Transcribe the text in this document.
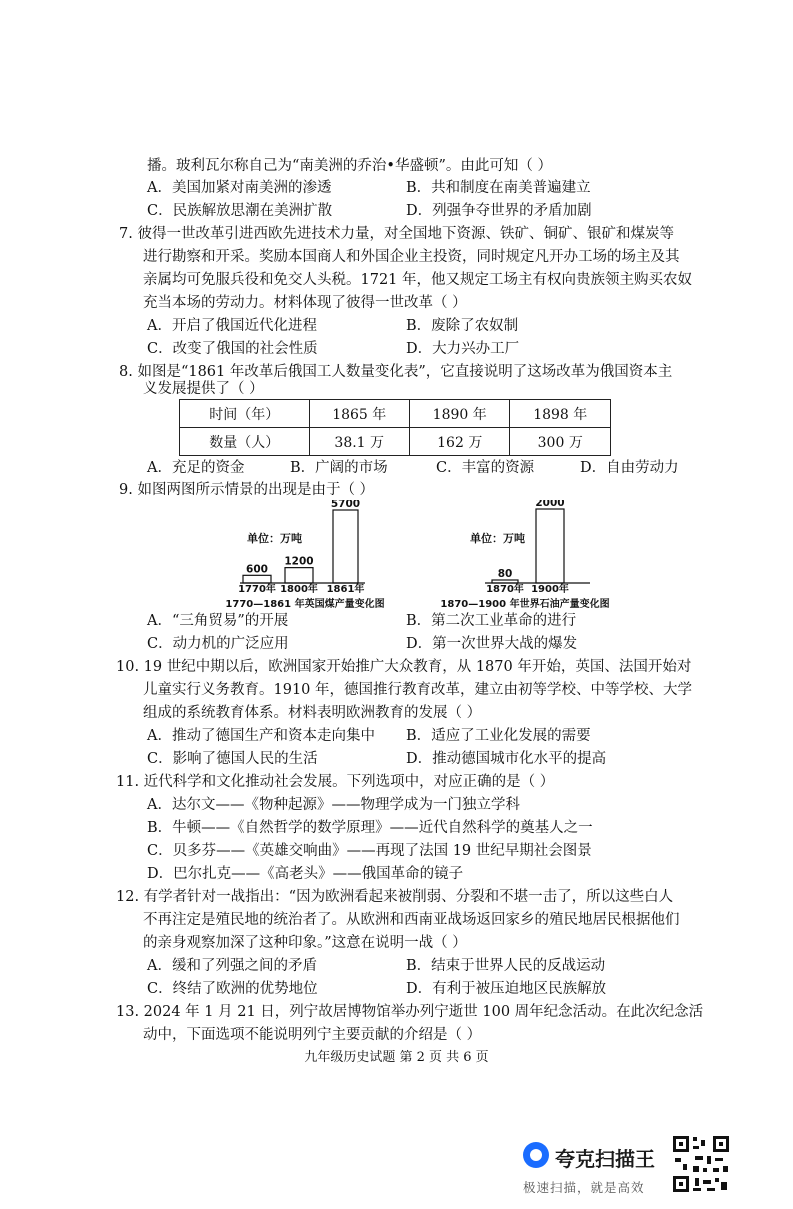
播。玻利瓦尔称自己为“南美洲的乔治•华盛顿”。由此可知（ ）
A．美国加紧对南美洲的渗透	B．共和制度在南美普遍建立
C．民族解放思潮在美洲扩散	D．列强争夺世界的矛盾加剧
7. 彼得一世改革引进西欧先进技术力量，对全国地下资源、铁矿、铜矿、银矿和煤炭等
进行勘察和开采。奖励本国商人和外国企业主投资，同时规定凡开办工场的场主及其
亲属均可免服兵役和免交人头税。1721 年，他又规定工场主有权向贵族领主购买农奴
充当本场的劳动力。材料体现了彼得一世改革（ ）
A．开启了俄国近代化进程	B．废除了农奴制
C．改变了俄国的社会性质	D．大力兴办工厂
8. 如图是“1861 年改革后俄国工人数量变化表”，它直接说明了这场改革为俄国资本主
义发展提供了（ ）
时间（年）	1865 年	1890 年	1898 年
数量（人）	38.1 万	162 万	300 万
A．充足的资金	B．广阔的市场	C．丰富的资源	D．自由劳动力
9. 如图两图所示情景的出现是由于（ ）
单位：万吨
600
1770年
1200
1800年
5700
1861年
1770—1861 年英国煤产量变化图
单位：万吨
80
1870年
2000
1900年
1870—1900 年世界石油产量变化图
A．“三角贸易”的开展	B．第二次工业革命的进行
C．动力机的广泛应用	D．第一次世界大战的爆发
10. 19 世纪中期以后，欧洲国家开始推广大众教育，从 1870 年开始，英国、法国开始对
儿童实行义务教育。1910 年，德国推行教育改革，建立由初等学校、中等学校、大学
组成的系统教育体系。材料表明欧洲教育的发展（ ）
A．推动了德国生产和资本走向集中 B．适应了工业化发展的需要
C．影响了德国人民的生活	D．推动德国城市化水平的提高
11. 近代科学和文化推动社会发展。下列选项中，对应正确的是（ ）
A．达尔文——《物种起源》——物理学成为一门独立学科
B．牛顿——《自然哲学的数学原理》——近代自然科学的奠基人之一
C．贝多芬——《英雄交响曲》——再现了法国 19 世纪早期社会图景
D．巴尔扎克——《高老头》——俄国革命的镜子
12. 有学者针对一战指出：“因为欧洲看起来被削弱、分裂和不堪一击了，所以这些白人
不再注定是殖民地的统治者了。从欧洲和西南亚战场返回家乡的殖民地居民根据他们
的亲身观察加深了这种印象。”这意在说明一战（ ）
A．缓和了列强之间的矛盾	B．结束于世界人民的反战运动
C．终结了欧洲的优势地位	D．有利于被压迫地区民族解放
13. 2024 年 1 月 21 日，列宁故居博物馆举办列宁逝世 100 周年纪念活动。在此次纪念活
动中，下面选项不能说明列宁主要贡献的介绍是（ ）
九年级历史试题 第 2 页 共 6 页
夸克扫描王
极速扫描，就是高效
